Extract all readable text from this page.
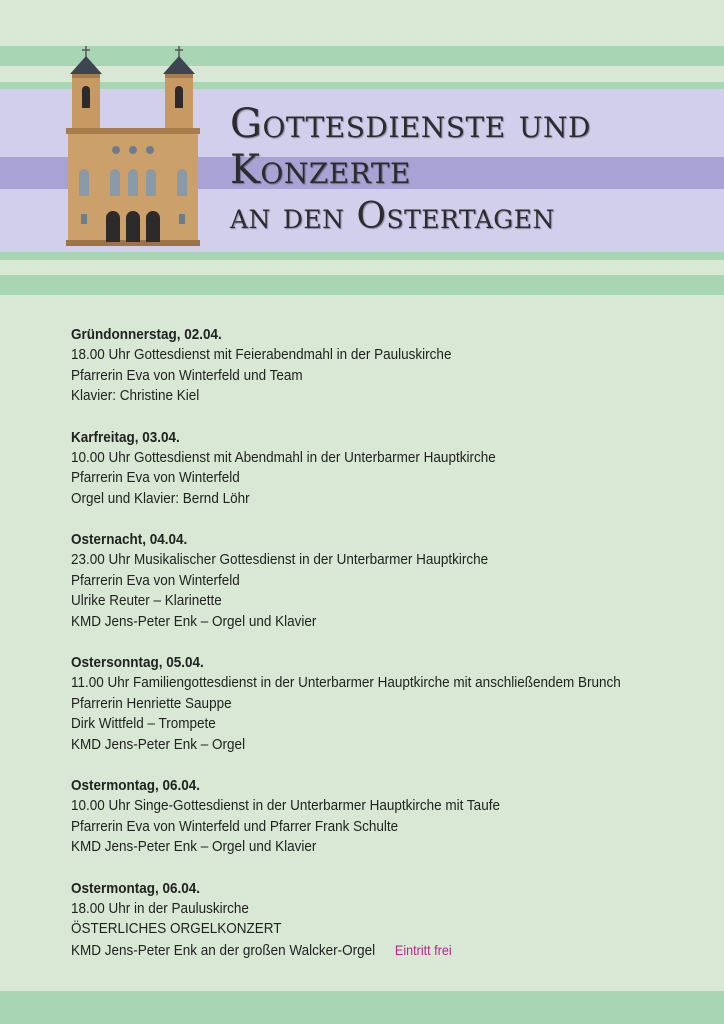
Gottesdienste und
Konzerte
an den Ostertagen
Gründonnerstag, 02.04.
18.00 Uhr Gottesdienst mit Feierabendmahl in der Pauluskirche
Pfarrerin Eva von Winterfeld und Team
Klavier: Christine Kiel
Karfreitag, 03.04.
10.00 Uhr Gottesdienst mit Abendmahl in der Unterbarmer Hauptkirche
Pfarrerin Eva von Winterfeld
Orgel und Klavier: Bernd Löhr
Osternacht, 04.04.
23.00 Uhr Musikalischer Gottesdienst in der Unterbarmer Hauptkirche
Pfarrerin Eva von Winterfeld
Ulrike Reuter – Klarinette
KMD Jens-Peter Enk – Orgel und Klavier
Ostersonntag, 05.04.
11.00 Uhr Familiengottesdienst in der Unterbarmer Hauptkirche mit anschließendem Brunch
Pfarrerin Henriette Sauppe
Dirk Wittfeld – Trompete
KMD Jens-Peter Enk – Orgel
Ostermontag, 06.04.
10.00 Uhr Singe-Gottesdienst in der Unterbarmer Hauptkirche mit Taufe
Pfarrerin Eva von Winterfeld und Pfarrer Frank Schulte
KMD Jens-Peter Enk – Orgel und Klavier
Ostermontag, 06.04.
18.00 Uhr in der Pauluskirche
ÖSTERLICHES ORGELKONZERT
KMD Jens-Peter Enk an der großen Walcker-Orgel Eintritt frei
